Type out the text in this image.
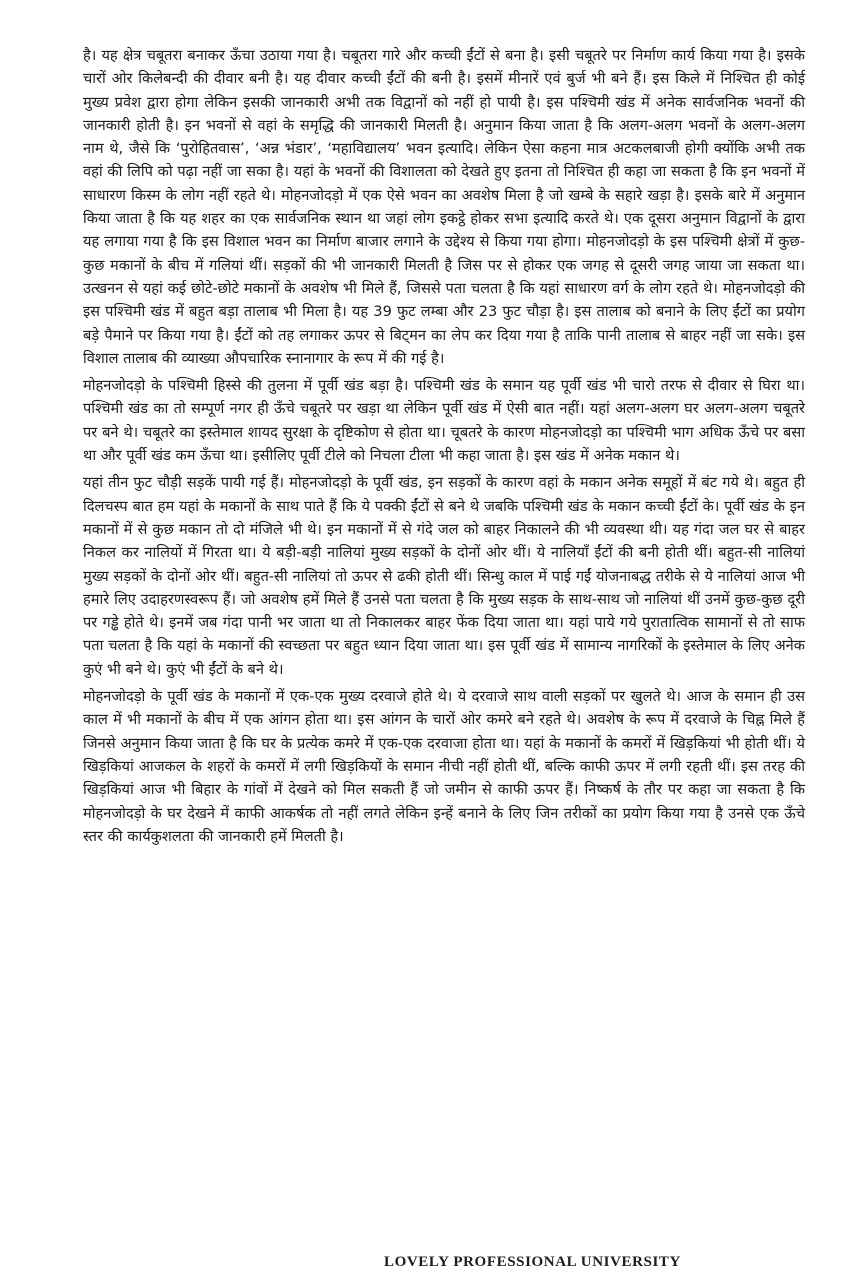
है। यह क्षेत्र चबूतरा बनाकर ऊँचा उठाया गया है। चबूतरा गारे और कच्ची ईंटों से बना है। इसी चबूतरे पर निर्माण कार्य किया गया है। इसके चारों ओर किलेबन्दी की दीवार बनी है। यह दीवार कच्ची ईंटों की बनी है। इसमें मीनारें एवं बुर्ज भी बने हैं। इस किले में निश्चित ही कोई मुख्य प्रवेश द्वारा होगा लेकिन इसकी जानकारी अभी तक विद्वानों को नहीं हो पायी है। इस पश्चिमी खंड में अनेक सार्वजनिक भवनों की जानकारी होती है। इन भवनों से वहां के समृद्धि की जानकारी मिलती है। अनुमान किया जाता है कि अलग-अलग भवनों के अलग-अलग नाम थे, जैसे कि ‘पुरोहितवास’, ‘अन्न भंडार’, ‘महाविद्यालय’ भवन इत्यादि। लेकिन ऐसा कहना मात्र अटकलबाजी होगी क्योंकि अभी तक वहां की लिपि को पढ़ा नहीं जा सका है। यहां के भवनों की विशालता को देखते हुए इतना तो निश्चित ही कहा जा सकता है कि इन भवनों में साधारण किस्म के लोग नहीं रहते थे। मोहनजोदड़ो में एक ऐसे भवन का अवशेष मिला है जो खम्बे के सहारे खड़ा है। इसके बारे में अनुमान किया जाता है कि यह शहर का एक सार्वजनिक स्थान था जहां लोग इकट्ठे होकर सभा इत्यादि करते थे। एक दूसरा अनुमान विद्वानों के द्वारा यह लगाया गया है कि इस विशाल भवन का निर्माण बाजार लगाने के उद्देश्य से किया गया होगा। मोहनजोदड़ो के इस पश्चिमी क्षेत्रों में कुछ-कुछ मकानों के बीच में गलियां थीं। सड़कों की भी जानकारी मिलती है जिस पर से होकर एक जगह से दूसरी जगह जाया जा सकता था। उत्खनन से यहां कई छोटे-छोटे मकानों के अवशेष भी मिले हैं, जिससे पता चलता है कि यहां साधारण वर्ग के लोग रहते थे। मोहनजोदड़ो की इस पश्चिमी खंड में बहुत बड़ा तालाब भी मिला है। यह 39 फुट लम्बा और 23 फुट चौड़ा है। इस तालाब को बनाने के लिए ईंटों का प्रयोग बड़े पैमाने पर किया गया है। ईंटों को तह लगाकर ऊपर से बिट्‌मन का लेप कर दिया गया है ताकि पानी तालाब से बाहर नहीं जा सके। इस विशाल तालाब की व्याख्या औपचारिक स्नानागार के रूप में की गई है।

मोहनजोदड़ो के पश्चिमी हिस्से की तुलना में पूर्वी खंड बड़ा है। पश्चिमी खंड के समान यह पूर्वी खंड भी चारो तरफ से दीवार से घिरा था। पश्चिमी खंड का तो सम्पूर्ण नगर ही ऊँचे चबूतरे पर खड़ा था लेकिन पूर्वी खंड में ऐसी बात नहीं। यहां अलग-अलग घर अलग-अलग चबूतरे पर बने थे। चबूतरे का इस्तेमाल शायद सुरक्षा के दृष्टिकोण से होता था। चूबतरे के कारण मोहनजोदड़ो का पश्चिमी भाग अधिक ऊँचे पर बसा था और पूर्वी खंड कम ऊँचा था। इसीलिए पूर्वी टीले को निचला टीला भी कहा जाता है। इस खंड में अनेक मकान थे।

यहां तीन फुट चौड़ी सड़कें पायी गई हैं। मोहनजोदड़ो के पूर्वी खंड, इन सड़कों के कारण वहां के मकान अनेक समूहों में बंट गये थे। बहुत ही दिलचस्प बात हम यहां के मकानों के साथ पाते हैं कि ये पक्की ईंटों से बने थे जबकि पश्चिमी खंड के मकान कच्ची ईंटों के। पूर्वी खंड के इन मकानों में से कुछ मकान तो दो मंजिले भी थे। इन मकानों में से गंदे जल को बाहर निकालने की भी व्यवस्था थी। यह गंदा जल घर से बाहर निकल कर नालियों में गिरता था। ये बड़ी-बड़ी नालियां मुख्य सड़कों के दोनों ओर थीं। ये नालियाँ ईंटों की बनी होती थीं। बहुत-सी नालियां मुख्य सड़कों के दोनों ओर थीं। बहुत-सी नालियां तो ऊपर से ढकी होती थीं। सिन्धु काल में पाई गईं योजनाबद्ध तरीके से ये नालियां आज भी हमारे लिए उदाहरणस्वरूप हैं। जो अवशेष हमें मिले हैं उनसे पता चलता है कि मुख्य सड़क के साथ-साथ जो नालियां थीं उनमें कुछ-कुछ दूरी पर गड्ढे होते थे। इनमें जब गंदा पानी भर जाता था तो निकालकर बाहर फेंक दिया जाता था। यहां पाये गये पुरातात्विक सामानों से तो साफ पता चलता है कि यहां के मकानों की स्वच्छता पर बहुत ध्यान दिया जाता था। इस पूर्वी खंड में सामान्य नागरिकों के इस्तेमाल के लिए अनेक कुएं भी बने थे। कुएं भी ईंटों के बने थे।

मोहनजोदड़ो के पूर्वी खंड के मकानों में एक-एक मुख्य दरवाजे होते थे। ये दरवाजे साथ वाली सड़कों पर खुलते थे। आज के समान ही उस काल में भी मकानों के बीच में एक आंगन होता था। इस आंगन के चारों ओर कमरे बने रहते थे। अवशेष के रूप में दरवाजे के चिह्न मिले हैं जिनसे अनुमान किया जाता है कि घर के प्रत्येक कमरे में एक-एक दरवाजा होता था। यहां के मकानों के कमरों में खिड़कियां भी होती थीं। ये खिड़कियां आजकल के शहरों के कमरों में लगी खिड़कियों के समान नीची नहीं होती थीं, बल्कि काफी ऊपर में लगी रहती थीं। इस तरह की खिड़कियां आज भी बिहार के गांवों में देखने को मिल सकती हैं जो जमीन से काफी ऊपर हैं। निष्कर्ष के तौर पर कहा जा सकता है कि मोहनजोदड़ो के घर देखने में काफी आकर्षक तो नहीं लगते लेकिन इन्हें बनाने के लिए जिन तरीकों का प्रयोग किया गया है उनसे एक ऊँचे स्तर की कार्यकुशलता की जानकारी हमें मिलती है।

LOVELY PROFESSIONAL UNIVERSITY
